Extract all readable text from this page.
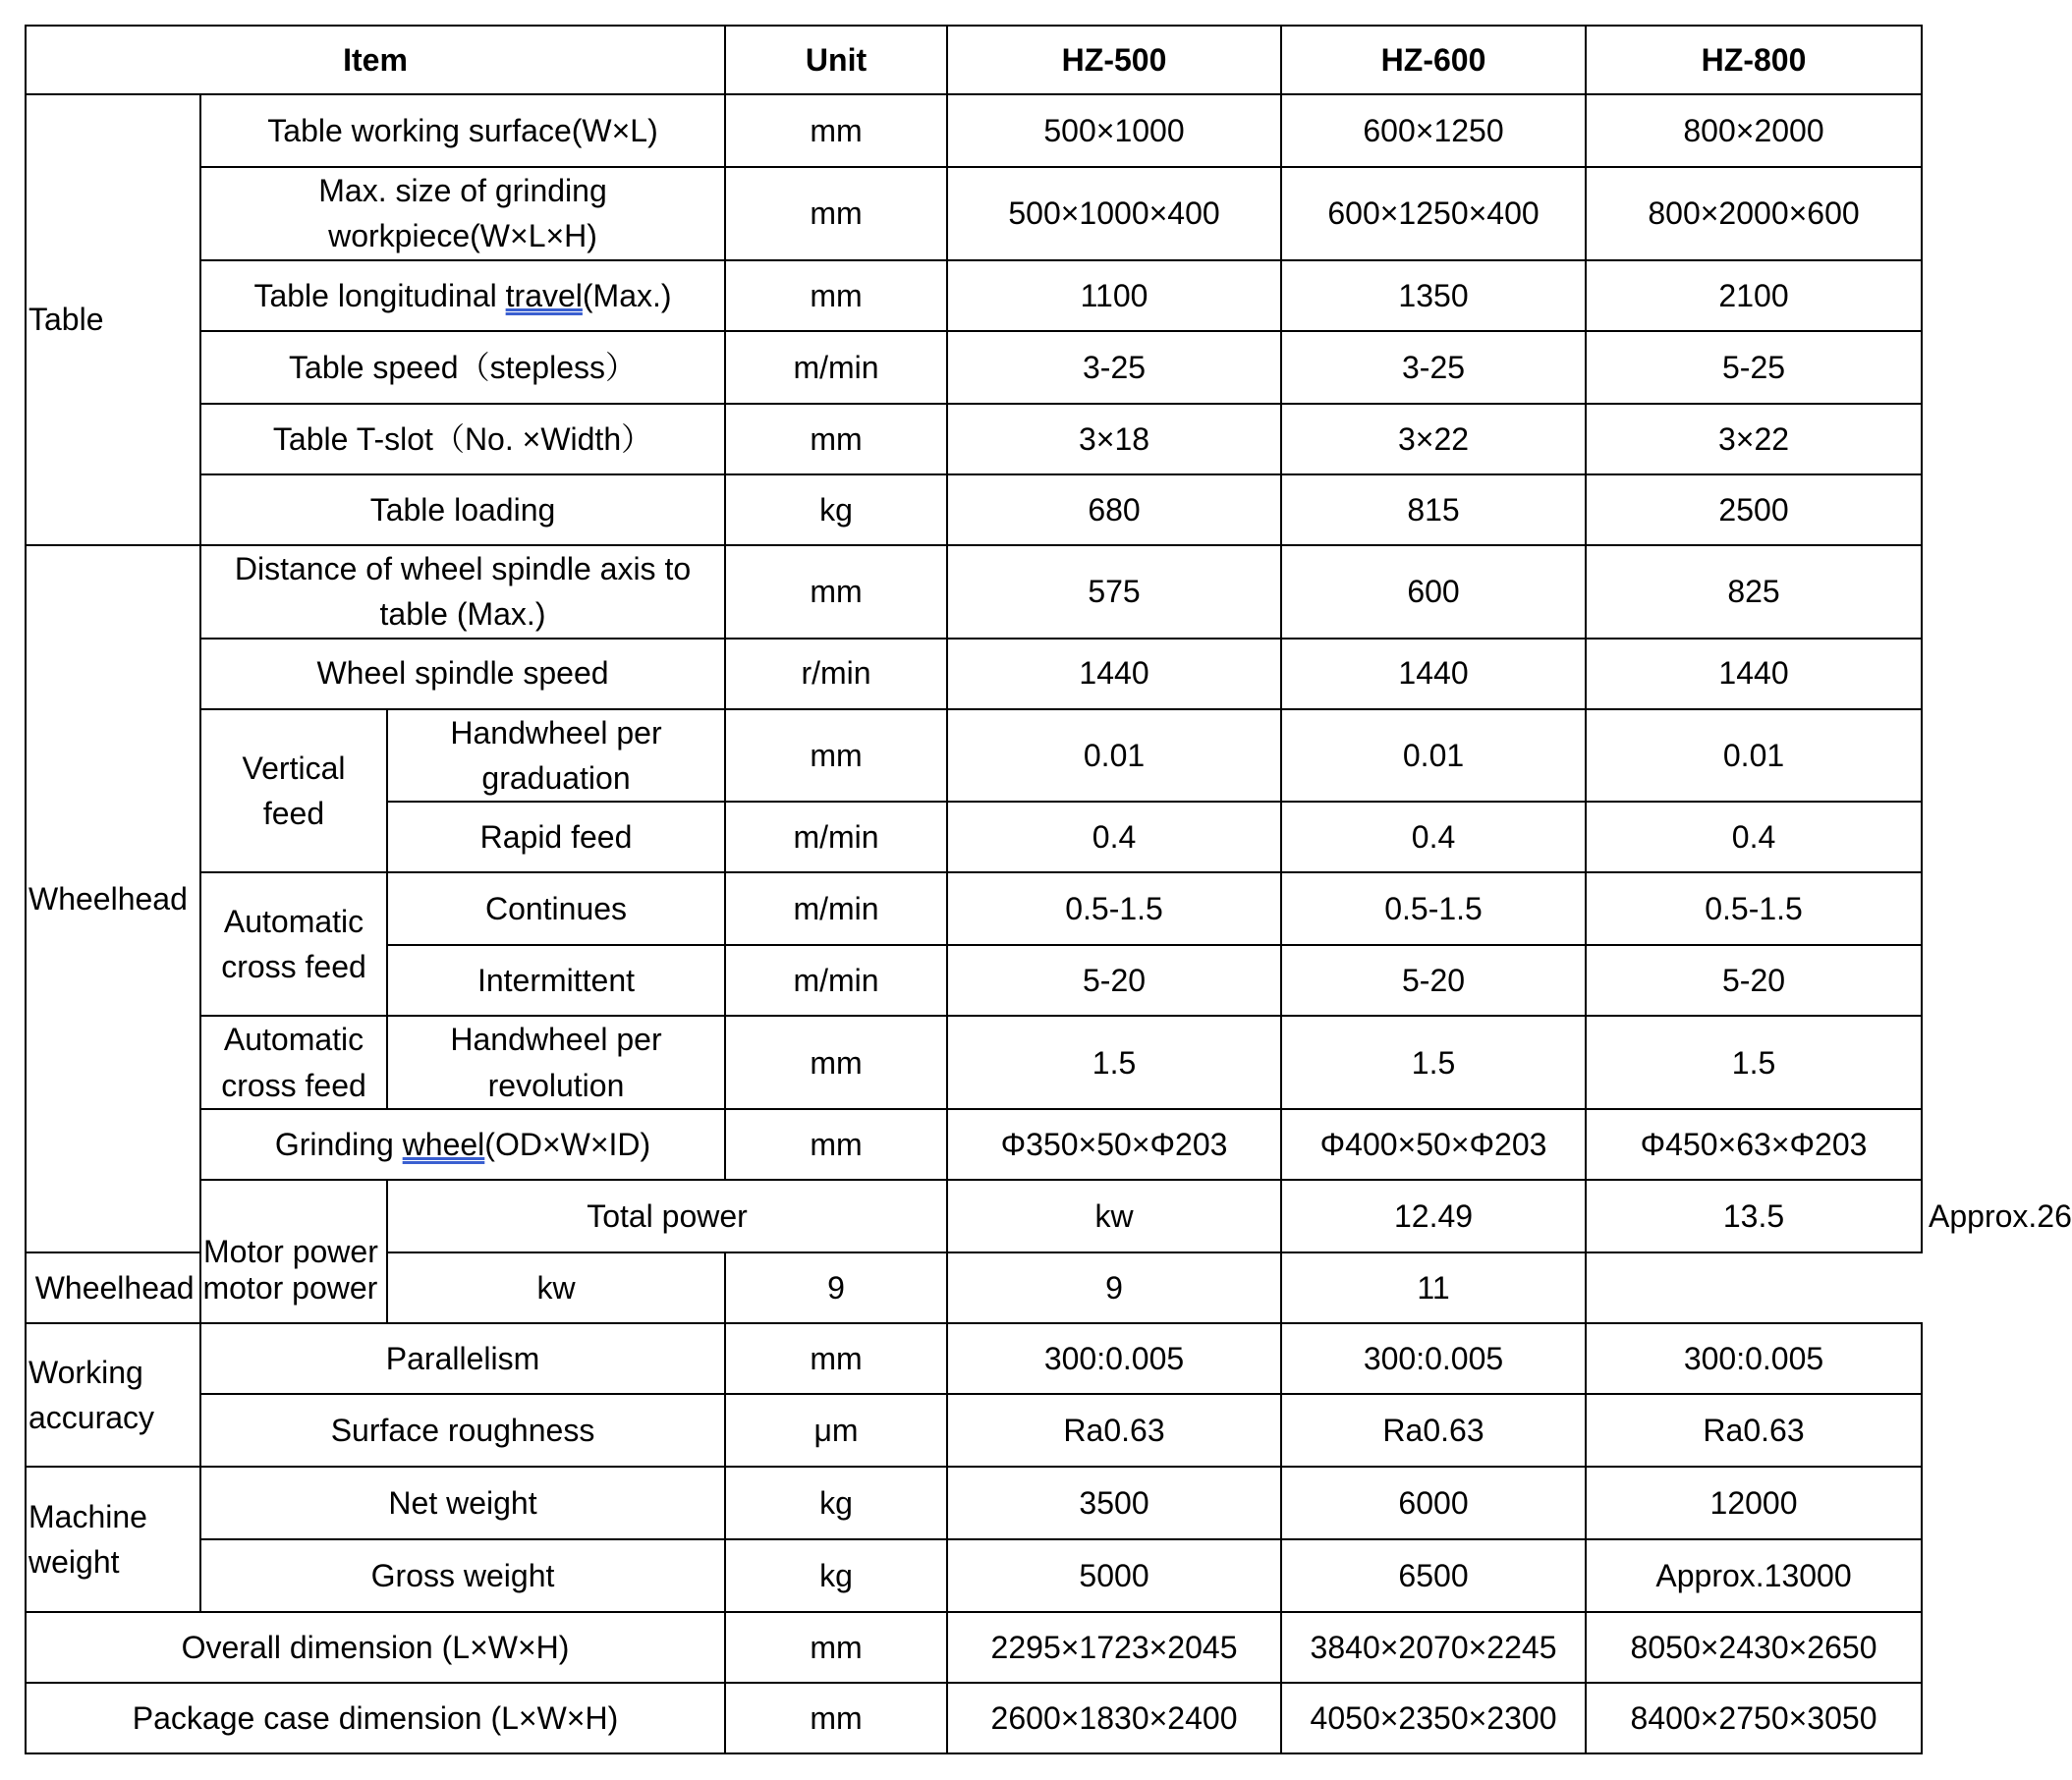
Item			Unit	HZ-500	HZ-600	HZ-800	
Table	Table working surface(W×L)		mm	500×1000	600×1250	800×2000	
	Max. size of grinding workpiece(W×L×H)		mm	500×1000×400	600×1250×400	800×2000×600	
	Table longitudinal travel(Max.)		mm	1100	1350	2100	
	Table speed（stepless）		m/min	3-25	3-25	5-25	
	Table T-slot（No. ×Width）		mm	3×18	3×22	3×22	
	Table loading		kg	680	815	2500	
Wheelhead	Distance of wheel spindle axis to table (Max.)		mm	575	600	825	
	Wheel spindle speed		r/min	1440	1440	1440	
	Vertical feed	Handwheel per graduation	mm	0.01	0.01	0.01	
		Rapid feed	m/min	0.4	0.4	0.4	
	Automatic cross feed	Continues	m/min	0.5-1.5	0.5-1.5	0.5-1.5	
		Intermittent	m/min	5-20	5-20	5-20	
	Automatic cross feed	Handwheel per revolution	mm	1.5	1.5	1.5	
	Grinding wheel(OD×W×ID)		mm	Φ350×50×Φ203	Φ400×50×Φ203	Φ450×63×Φ203	
	Motor power	Total power		kw	12.49	13.5	Approx.26
Wheelhead motor power		kw	9	9	11		
Working accuracy	Parallelism		mm	300:0.005	300:0.005	300:0.005	
	Surface roughness		μm	Ra0.63	Ra0.63	Ra0.63	
Machine weight	Net weight		kg	3500	6000	12000	
	Gross weight		kg	5000	6500	Approx.13000	
Overall dimension (L×W×H)			mm	2295×1723×2045	3840×2070×2245	8050×2430×2650	
Package case dimension (L×W×H)			mm	2600×1830×2400	4050×2350×2300	8400×2750×3050	
